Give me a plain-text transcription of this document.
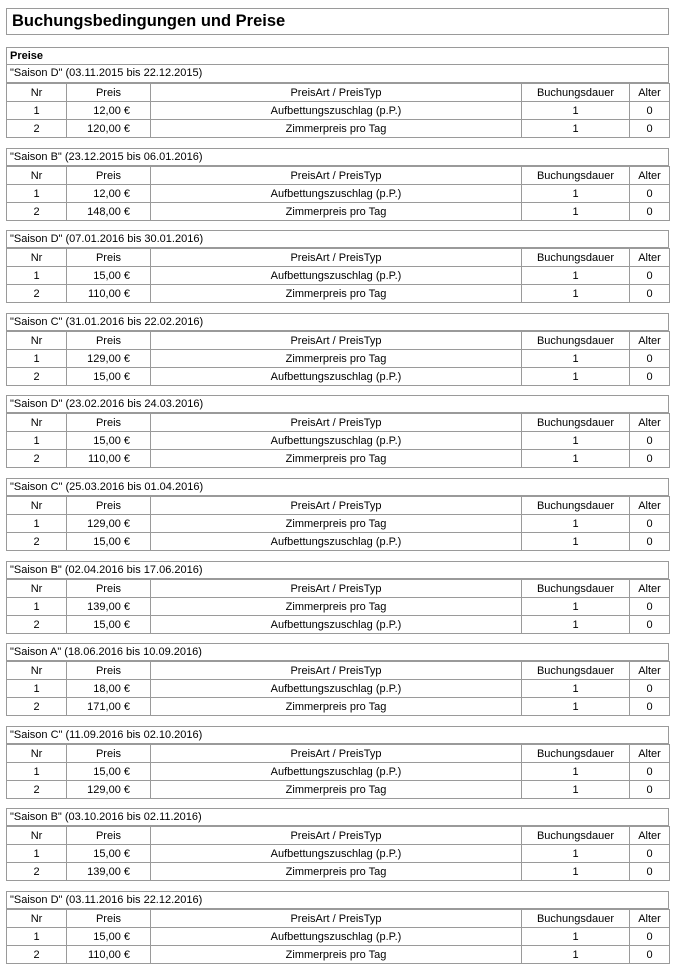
Buchungsbedingungen und Preise
Preise
"Saison D" (03.11.2015 bis 22.12.2015)
Nr	Preis	PreisArt / PreisTyp	Buchungsdauer	Alter
1	12,00 €	Aufbettungszuschlag (p.P.)	1	0
2	120,00 €	Zimmerpreis pro Tag	1	0
"Saison B" (23.12.2015 bis 06.01.2016)
Nr	Preis	PreisArt / PreisTyp	Buchungsdauer	Alter
1	12,00 €	Aufbettungszuschlag (p.P.)	1	0
2	148,00 €	Zimmerpreis pro Tag	1	0
"Saison D" (07.01.2016 bis 30.01.2016)
Nr	Preis	PreisArt / PreisTyp	Buchungsdauer	Alter
1	15,00 €	Aufbettungszuschlag (p.P.)	1	0
2	110,00 €	Zimmerpreis pro Tag	1	0
"Saison C" (31.01.2016 bis 22.02.2016)
Nr	Preis	PreisArt / PreisTyp	Buchungsdauer	Alter
1	129,00 €	Zimmerpreis pro Tag	1	0
2	15,00 €	Aufbettungszuschlag (p.P.)	1	0
"Saison D" (23.02.2016 bis 24.03.2016)
Nr	Preis	PreisArt / PreisTyp	Buchungsdauer	Alter
1	15,00 €	Aufbettungszuschlag (p.P.)	1	0
2	110,00 €	Zimmerpreis pro Tag	1	0
"Saison C" (25.03.2016 bis 01.04.2016)
Nr	Preis	PreisArt / PreisTyp	Buchungsdauer	Alter
1	129,00 €	Zimmerpreis pro Tag	1	0
2	15,00 €	Aufbettungszuschlag (p.P.)	1	0
"Saison B" (02.04.2016 bis 17.06.2016)
Nr	Preis	PreisArt / PreisTyp	Buchungsdauer	Alter
1	139,00 €	Zimmerpreis pro Tag	1	0
2	15,00 €	Aufbettungszuschlag (p.P.)	1	0
"Saison A" (18.06.2016 bis 10.09.2016)
Nr	Preis	PreisArt / PreisTyp	Buchungsdauer	Alter
1	18,00 €	Aufbettungszuschlag (p.P.)	1	0
2	171,00 €	Zimmerpreis pro Tag	1	0
"Saison C" (11.09.2016 bis 02.10.2016)
Nr	Preis	PreisArt / PreisTyp	Buchungsdauer	Alter
1	15,00 €	Aufbettungszuschlag (p.P.)	1	0
2	129,00 €	Zimmerpreis pro Tag	1	0
"Saison B" (03.10.2016 bis 02.11.2016)
Nr	Preis	PreisArt / PreisTyp	Buchungsdauer	Alter
1	15,00 €	Aufbettungszuschlag (p.P.)	1	0
2	139,00 €	Zimmerpreis pro Tag	1	0
"Saison D" (03.11.2016 bis 22.12.2016)
Nr	Preis	PreisArt / PreisTyp	Buchungsdauer	Alter
1	15,00 €	Aufbettungszuschlag (p.P.)	1	0
2	110,00 €	Zimmerpreis pro Tag	1	0
